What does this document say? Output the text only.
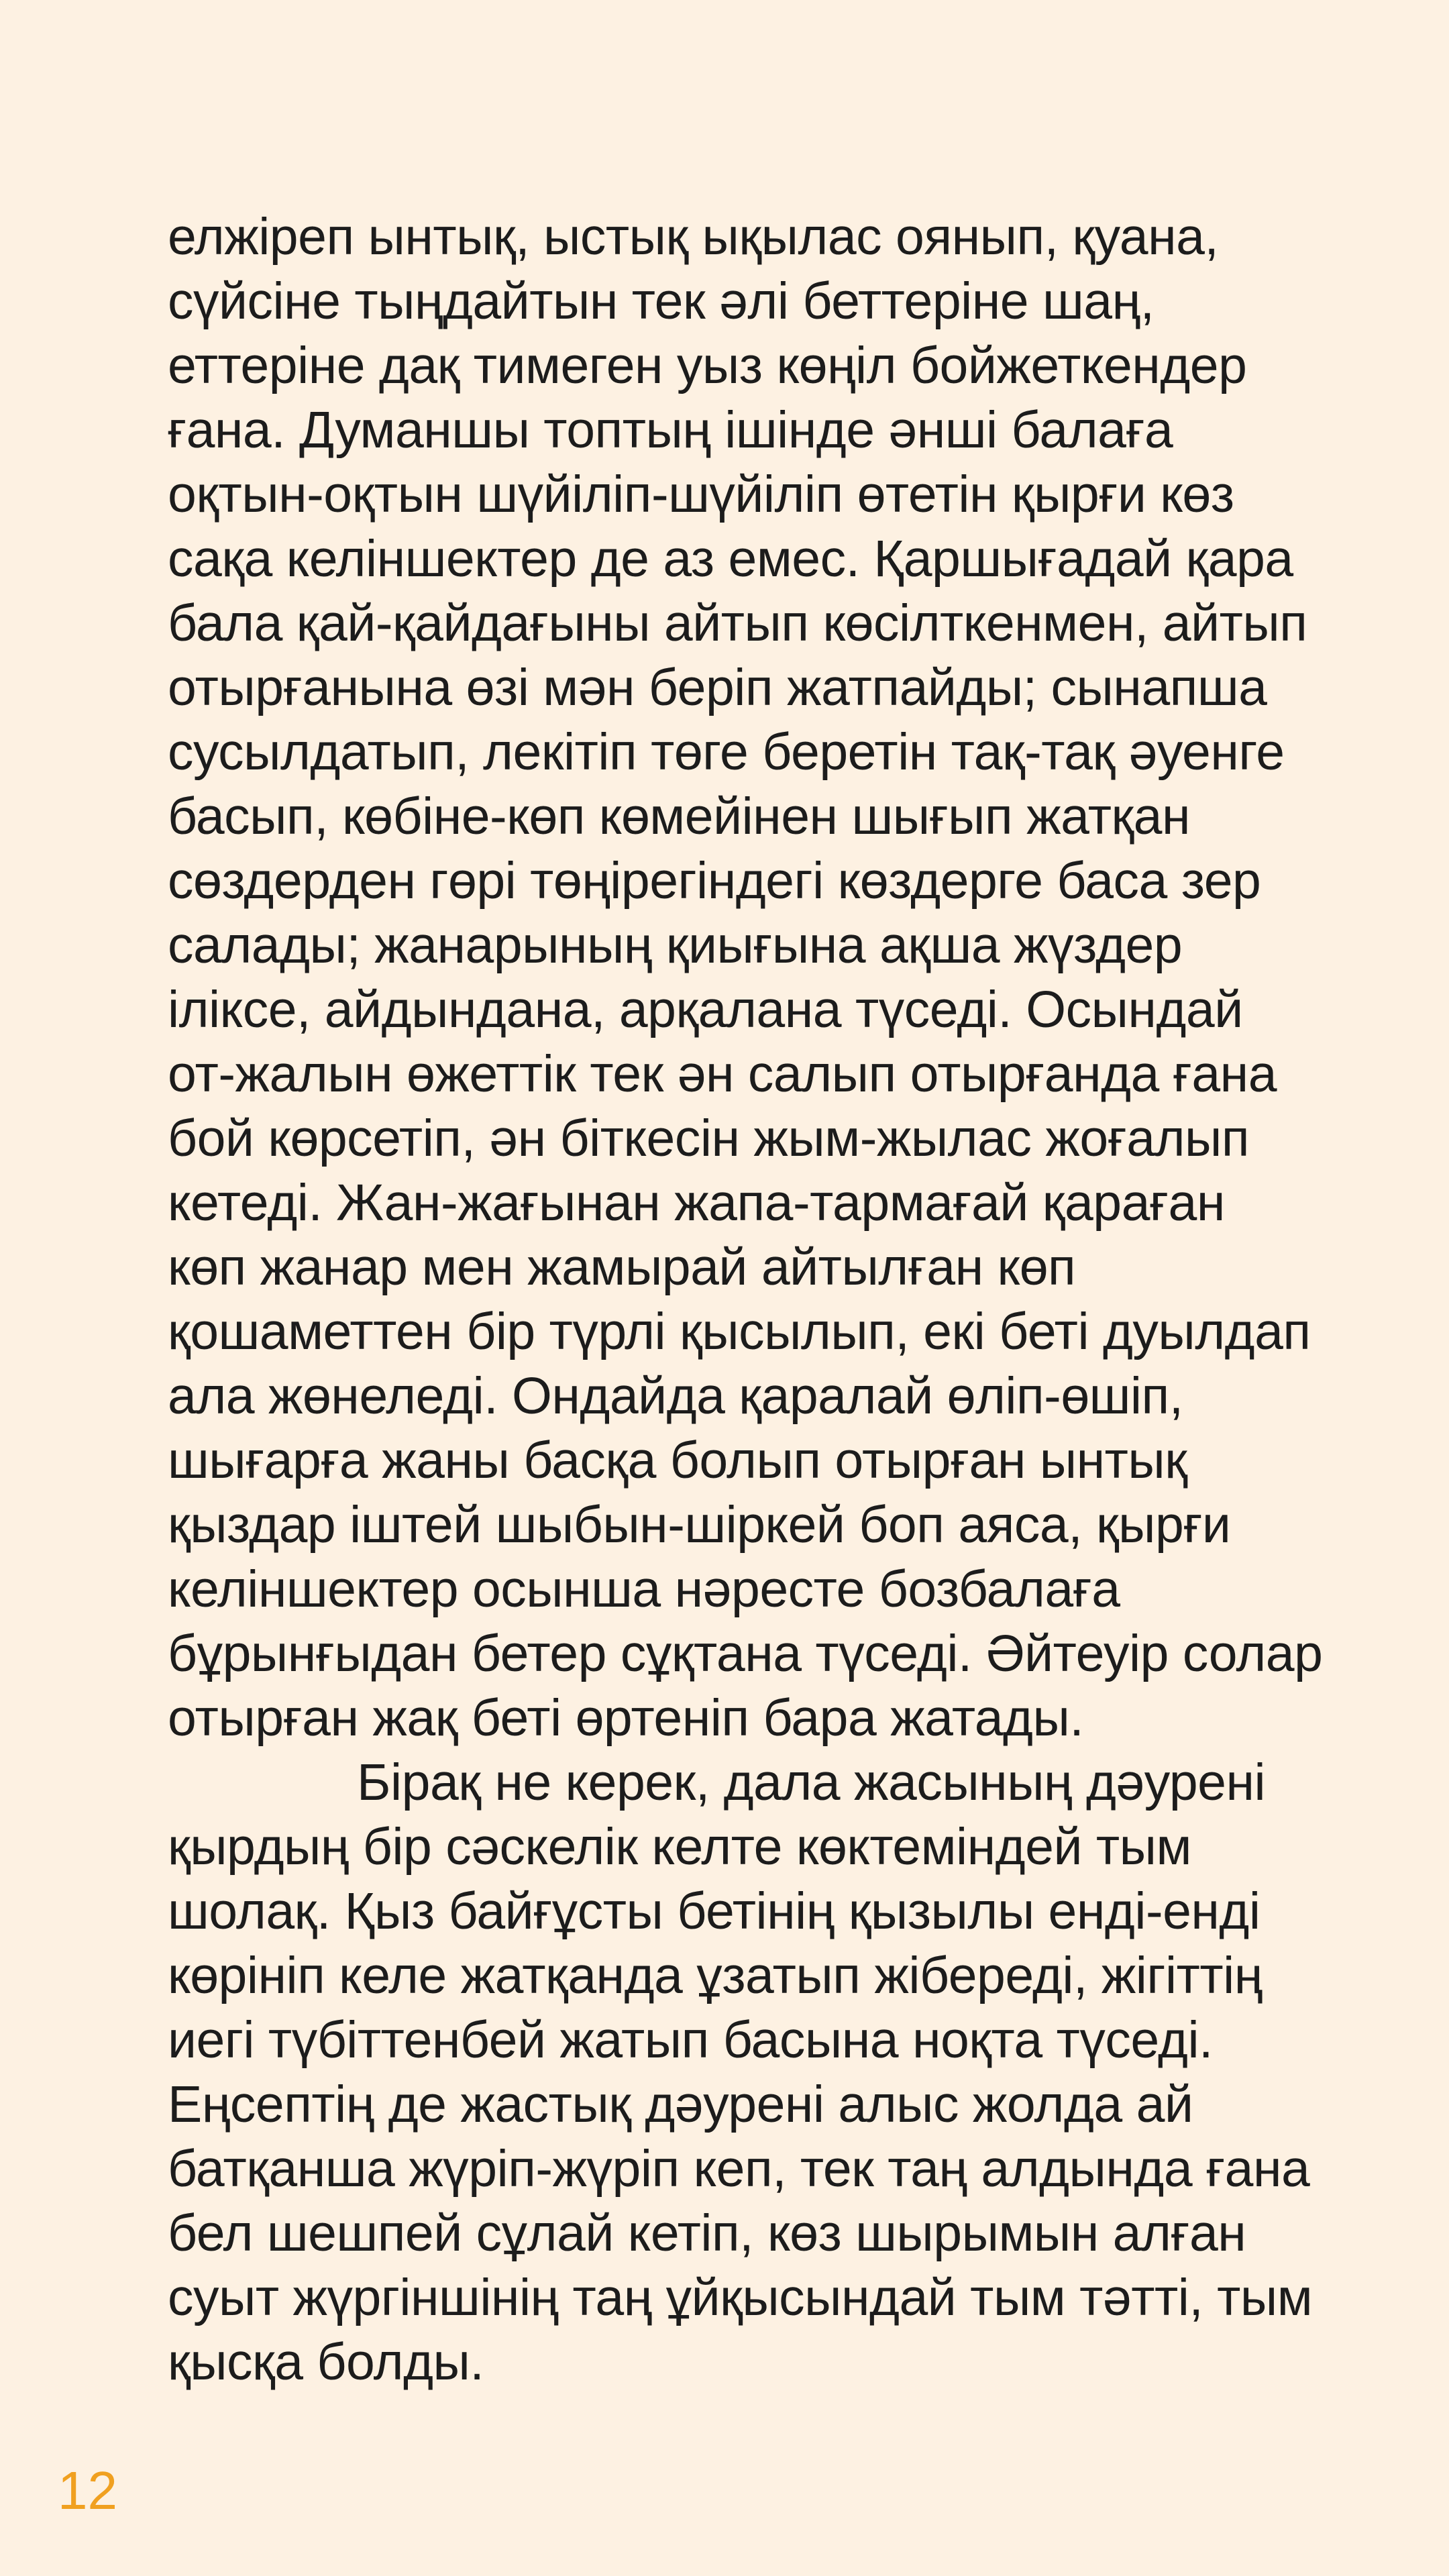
елжіреп ынтық, ыстық ықылас оянып, қуана,
сүйсіне тыңдайтын тек әлі беттеріне шаң,
еттеріне дақ тимеген уыз көңіл бойжеткендер
ғана. Думаншы топтың ішінде әнші балаға
оқтын-оқтын шүйіліп-шүйіліп өтетін қырғи көз
сақа келіншектер де аз емес. Қаршығадай қара
бала қай-қайдағыны айтып көсілткенмен, айтып
отырғанына өзі мән беріп жатпайды; сынапша
сусылдатып, лекітіп төге беретін тақ-тақ әуенге
басып, көбіне-көп көмейінен шығып жатқан
сөздерден гөрі төңірегіндегі көздерге баса зер
салады; жанарының қиығына ақша жүздер
іліксе, айдындана, арқалана түседі. Осындай
от-жалын өжеттік тек ән салып отырғанда ғана
бой көрсетіп, ән біткесін жым-жылас жоғалып
кетеді. Жан-жағынан жапа-тармағай қараған
көп жанар мен жамырай айтылған көп
қошаметтен бір түрлі қысылып, екі беті дуылдап
ала жөнеледі. Ондайда қаралай өліп-өшіп,
шығарға жаны басқа болып отырған ынтық
қыздар іштей шыбын-шіркей боп аяса, қырғи
келіншектер осынша нәресте бозбалаға
бұрынғыдан бетер сұқтана түседі. Әйтеуір солар
отырған жақ беті өртеніп бара жатады.
Бірақ не керек, дала жасының дәурені
қырдың бір сәскелік келте көктеміндей тым
шолақ. Қыз байғұсты бетінің қызылы енді-енді
көрініп келе жатқанда ұзатып жібереді, жігіттің
иегі түбіттенбей жатып басына ноқта түседі.
Еңсептің де жастық дәурені алыс жолда ай
батқанша жүріп-жүріп кеп, тек таң алдында ғана
бел шешпей сұлай кетіп, көз шырымын алған
суыт жүргіншінің таң ұйқысындай тым тәтті, тым
қысқа болды.
12
